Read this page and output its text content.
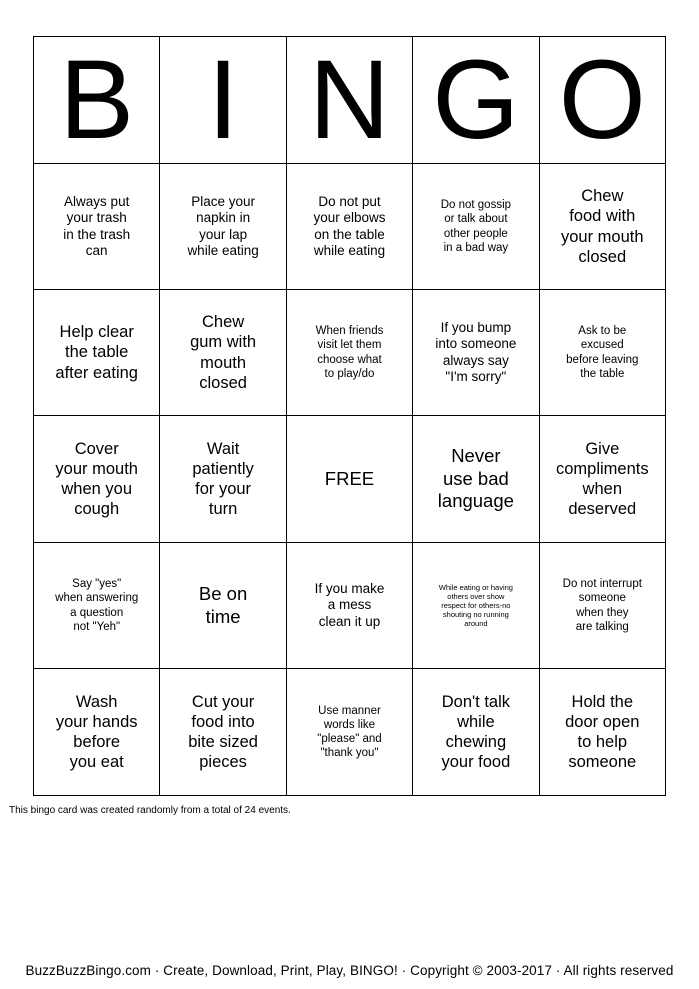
B	I	N	G	O

Always put
your trash
in the trash
can	Place your
napkin in
your lap
while eating	Do not put
your elbows
on the table
while eating	Do not gossip
or talk about
other people
in a bad way	Chew
food with
your mouth
closed

Help clear
the table
after eating	Chew
gum with
mouth
closed	When friends
visit let them
choose what
to play/do	If you bump
into someone
always say
"I'm sorry"	Ask to be
excused
before leaving
the table

Cover
your mouth
when you
cough	Wait
patiently
for your
turn	FREE	Never
use bad
language	Give
compliments
when
deserved

Say "yes"
when answering
a question
not "Yeh"	Be on
time	If you make
a mess
clean it up	While eating or having
others over show
respect for others-no
shouting no running
around	Do not interrupt
someone
when they
are talking

Wash
your hands
before
you eat	Cut your
food into
bite sized
pieces	Use manner
words like
"please" and
"thank you"	Don't talk
while
chewing
your food	Hold the
door open
to help
someone
This bingo card was created randomly from a total of 24 events.
BuzzBuzzBingo.com · Create, Download, Print, Play, BINGO! · Copyright © 2003-2017 · All rights reserved
